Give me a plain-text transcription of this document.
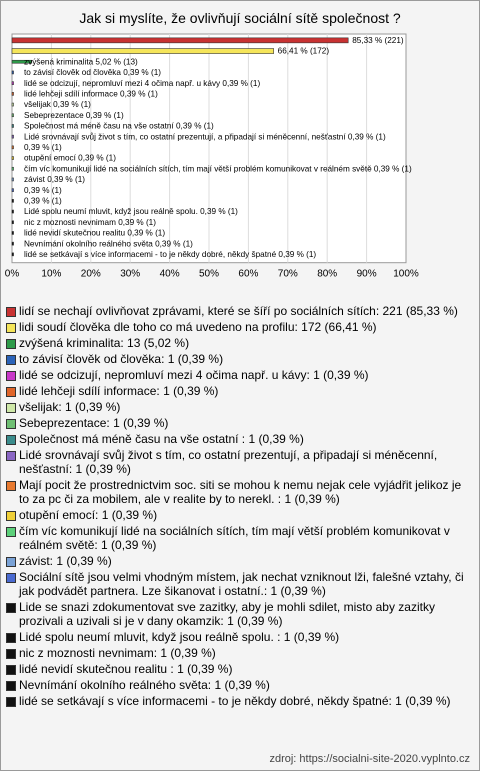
Jak si myslíte, že ovlivňují sociální sítě společnost ?
0% 10% 20% 30% 40% 50% 60% 70% 80% 90% 100%
85,33 % (221)
66,41 % (172)
zvýšená kriminalita 5,02 % (13)
to závisí člověk od člověka 0,39 % (1)
lidé se odcizují, nepromluví mezi 4 očima např. u kávy 0,39 % (1)
lidé lehčeji sdílí informace 0,39 % (1)
všelijak 0,39 % (1)
Sebeprezentace 0,39 % (1)
Společnost má méně času na vše ostatní 0,39 % (1)
Lidé srovnávají svůj život s tím, co ostatní prezentují, a připadají si méněcenní, nešťastní 0,39 % (1)
0,39 % (1)
otupění emocí 0,39 % (1)
čím víc komunikují lidé na sociálních sítích, tím mají větší problém komunikovat v reálném světě 0,39 % (1)
závist 0,39 % (1)
0,39 % (1)
0,39 % (1)
Lidé spolu neumí mluvit, když jsou reálně spolu. 0,39 % (1)
nic z moznosti nevnimam 0,39 % (1)
lidé nevidí skutečnou realitu 0,39 % (1)
Nevnímání okolního reálného světa 0,39 % (1)
lidé se setkávají s více informacemi - to je někdy dobré, někdy špatné 0,39 % (1)
lidí se nechají ovlivňovat zprávami, které se šíří po sociálních sítích: 221 (85,33 %)
lidi soudí člověka dle toho co má uvedeno na profilu: 172 (66,41 %)
zvýšená kriminalita: 13 (5,02 %)
to závisí člověk od člověka: 1 (0,39 %)
lidé se odcizují, nepromluví mezi 4 očima např. u kávy: 1 (0,39 %)
lidé lehčeji sdílí informace: 1 (0,39 %)
všelijak: 1 (0,39 %)
Sebeprezentace: 1 (0,39 %)
Společnost má méně času na vše ostatní : 1 (0,39 %)
Lidé srovnávají svůj život s tím, co ostatní prezentují, a připadají si méněcenní, nešťastní: 1 (0,39 %)
Mají pocit že prostrednictvim soc. siti se mohou k nemu nejak cele vyjádřit jelikoz je to za pc či za mobilem, ale v realite by to nerekl. : 1 (0,39 %)
otupění emocí: 1 (0,39 %)
čím víc komunikují lidé na sociálních sítích, tím mají větší problém komunikovat v reálném světě: 1 (0,39 %)
závist: 1 (0,39 %)
Sociální sítě jsou velmi vhodným místem, jak nechat vzniknout lži, falešné vztahy, či jak podvádět partnera. Lze šikanovat i ostatní.: 1 (0,39 %)
Lide se snazi zdokumentovat sve zazitky, aby je mohli sdilet, misto aby zazitky prozivali a uzivali si je v dany okamzik: 1 (0,39 %)
Lidé spolu neumí mluvit, když jsou reálně spolu. : 1 (0,39 %)
nic z moznosti nevnimam: 1 (0,39 %)
lidé nevidí skutečnou realitu : 1 (0,39 %)
Nevnímání okolního reálného světa: 1 (0,39 %)
lidé se setkávají s více informacemi - to je někdy dobré, někdy špatné: 1 (0,39 %)
zdroj: https://socialni-site-2020.vyplnto.cz
